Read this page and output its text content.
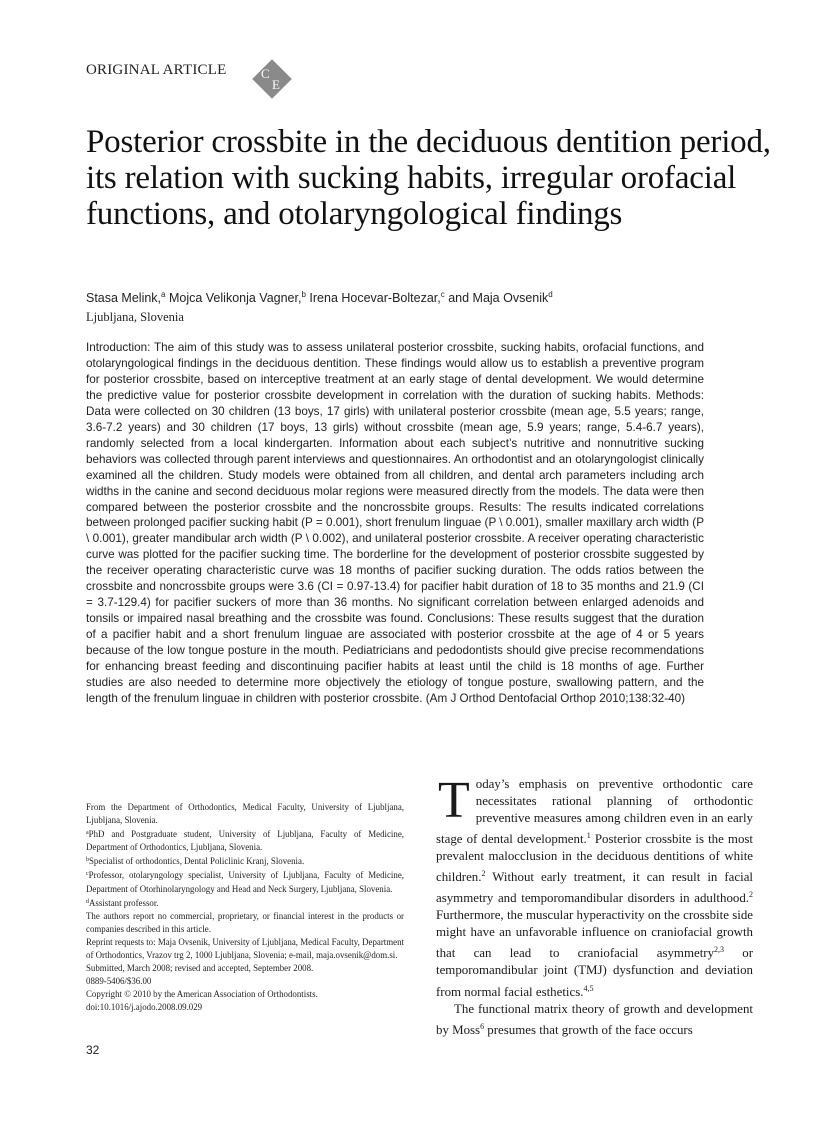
ORIGINAL ARTICLE	C
E
Posterior crossbite in the deciduous dentition period, its relation with sucking habits, irregular orofacial functions, and otolaryngological findings
Stasa Melink,$^a$ Mojca Velikonja Vagner,$^b$ Irena Hocevar-Boltezar,$^c$ and Maja Ovsenik$^d$
Ljubljana, Slovenia

Introduction: The aim of this study was to assess unilateral posterior crossbite, sucking habits, orofacial functions, and otolaryngological findings in the deciduous dentition. These findings would allow us to establish a preventive program for posterior crossbite, based on interceptive treatment at an early stage of dental development. We would determine the predictive value for posterior crossbite development in correlation with the duration of sucking habits. Methods: Data were collected on 30 children (13 boys, 17 girls) with unilateral posterior crossbite (mean age, 5.5 years; range, 3.6-7.2 years) and 30 children (17 boys, 13 girls) without crossbite (mean age, 5.9 years; range, 5.4-6.7 years), randomly selected from a local kindergarten. Information about each subject’s nutritive and nonnutritive sucking behaviors was collected through parent interviews and questionnaires. An orthodontist and an otolaryngologist clinically examined all the children. Study models were obtained from all children, and dental arch parameters including arch widths in the canine and second deciduous molar regions were measured directly from the models. The data were then compared between the posterior crossbite and the noncrossbite groups. Results: The results indicated correlations between prolonged pacifier sucking habit (P = 0.001), short frenulum linguae (P \ 0.001), smaller maxillary arch width (P \ 0.001), greater mandibular arch width (P \ 0.002), and unilateral posterior crossbite. A receiver operating characteristic curve was plotted for the pacifier sucking time. The borderline for the development of posterior crossbite suggested by the receiver operating characteristic curve was 18 months of pacifier sucking duration. The odds ratios between the crossbite and noncrossbite groups were 3.6 (CI = 0.97-13.4) for pacifier habit duration of 18 to 35 months and 21.9 (CI = 3.7-129.4) for pacifier suckers of more than 36 months. No significant correlation between enlarged adenoids and tonsils or impaired nasal breathing and the crossbite was found. Conclusions: These results suggest that the duration of a pacifier habit and a short frenulum linguae are associated with posterior crossbite at the age of 4 or 5 years because of the low tongue posture in the mouth. Pediatricians and pedodontists should give precise recommendations for enhancing breast feeding and discontinuing pacifier habits at least until the child is 18 months of age. Further studies are also needed to determine more objectively the etiology of tongue posture, swallowing pattern, and the length of the frenulum linguae in children with posterior crossbite. (Am J Orthod Dentofacial Orthop 2010;138:32-40)

From the Department of Orthodontics, Medical Faculty, University of Ljubljana, Ljubljana, Slovenia.

$^a$PhD and Postgraduate student, University of Ljubljana, Faculty of Medicine, Department of Orthodontics, Ljubljana, Slovenia.

$^b$Specialist of orthodontics, Dental Policlinic Kranj, Slovenia.

$^c$Professor, otolaryngology specialist, University of Ljubljana, Faculty of Medicine, Department of Otorhinolaryngology and Head and Neck Surgery, Ljubljana, Slovenia.

$^d$Assistant professor.

The authors report no commercial, proprietary, or financial interest in the products or companies described in this article.

Reprint requests to: Maja Ovsenik, University of Ljubljana, Medical Faculty, Department of Orthodontics, Vrazov trg 2, 1000 Ljubljana, Slovenia; e-mail, maja.ovsenik@dom.si.

Submitted, March 2008; revised and accepted, September 2008.

0889-5406/$36.00

Copyright © 2010 by the American Association of Orthodontists.

doi:10.1016/j.ajodo.2008.09.029

Today’s emphasis on preventive orthodontic care necessitates rational planning of orthodontic preventive measures among children even in an early stage of dental development.$^1$ Posterior crossbite is the most prevalent malocclusion in the deciduous dentitions of white children.$^2$ Without early treatment, it can result in facial asymmetry and temporomandibular disorders in adulthood.$^2$ Furthermore, the muscular hyperactivity on the crossbite side might have an unfavorable influence on craniofacial growth that can lead to craniofacial asymmetry$^{2,3}$ or temporomandibular joint (TMJ) dysfunction and deviation from normal facial esthetics.$^{4,5}$

The functional matrix theory of growth and development by Moss$^6$ presumes that growth of the face occurs

32
